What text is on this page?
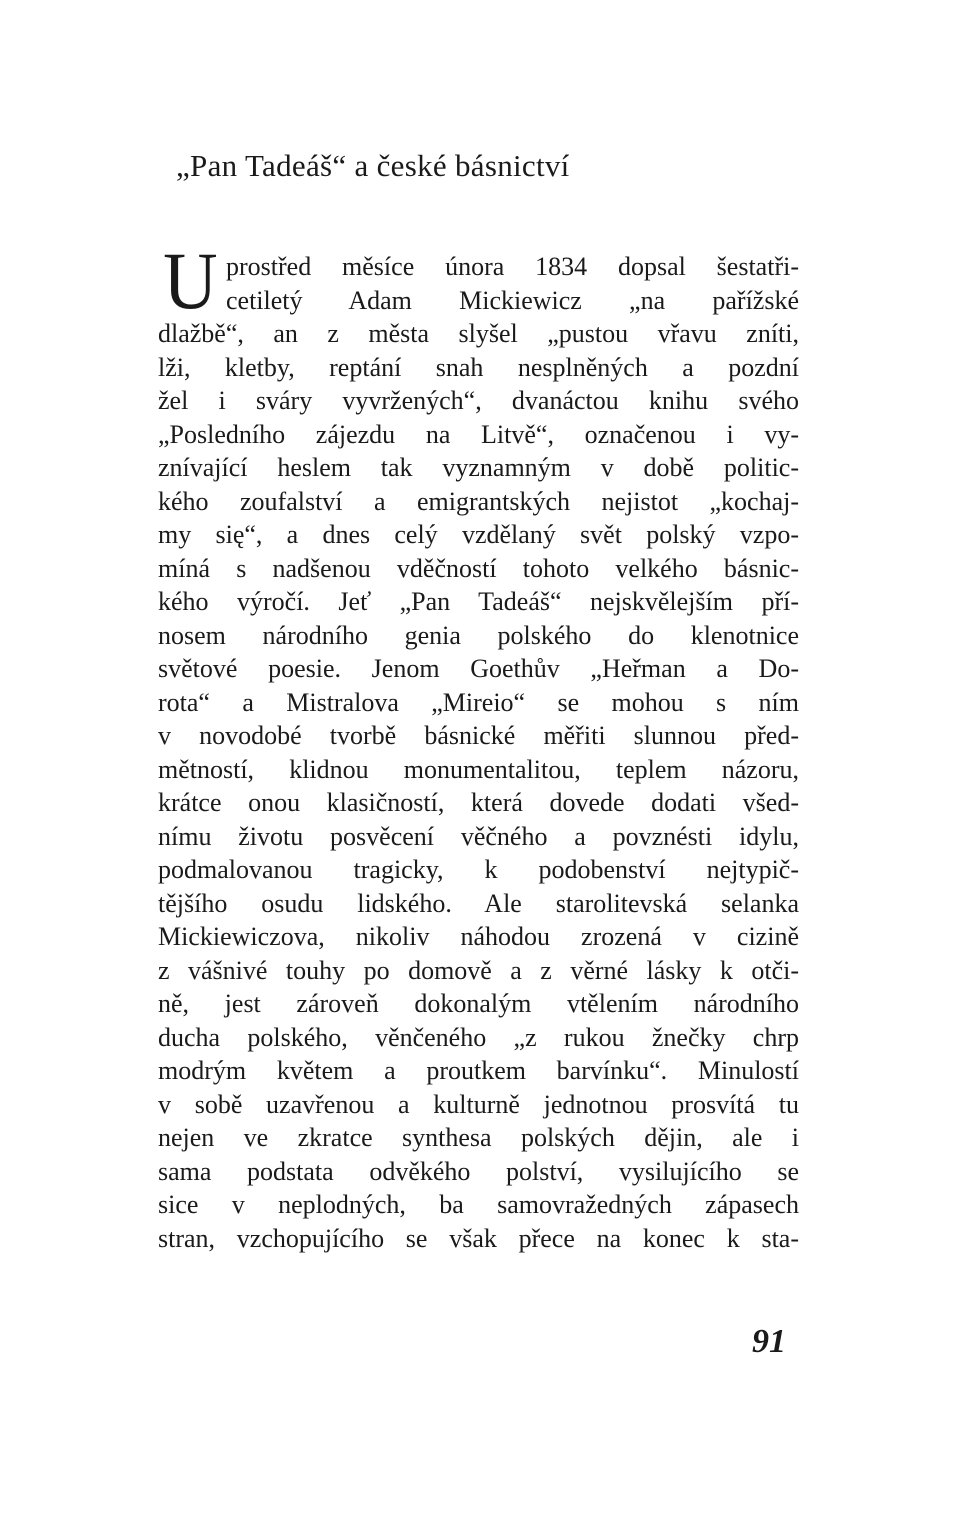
„Pan Tadeáš“ a české básnictví
U prostřed měsíce února 1834 dopsal šestatři-
cetiletý Adam Mickiewicz „na pařížské
dlažbě“, an z města slyšel „pustou vřavu zníti,
lži, kletby, reptání snah nesplněných a pozdní
žel i sváry vyvržených“, dvanáctou knihu svého
„Posledního zájezdu na Litvě“, označenou i vy-
znívající heslem tak vyznamným v době politic-
kého zoufalství a emigrantských nejistot „kochaj-
my się“, a dnes celý vzdělaný svět polský vzpo-
míná s nadšenou vděčností tohoto velkého básnic-
kého výročí. Jeť „Pan Tadeáš“ nejskvělejším pří-
nosem národního genia polského do klenotnice
světové poesie. Jenom Goethův „Heřman a Do-
rota“ a Mistralova „Mireio“ se mohou s ním
v novodobé tvorbě básnické měřiti slunnou před-
mětností, klidnou monumentalitou, teplem názoru,
krátce onou klasičností, která dovede dodati všed-
nímu životu posvěcení věčného a povznésti idylu,
podmalovanou tragicky, k podobenství nejtypič-
tějšího osudu lidského. Ale starolitevská selanka
Mickiewiczova, nikoliv náhodou zrozená v cizině
z vášnivé touhy po domově a z věrné lásky k otči-
ně, jest zároveň dokonalým vtělením národního
ducha polského, věnčeného „z rukou žnečky chrp
modrým květem a proutkem barvínku“. Minulostí
v sobě uzavřenou a kulturně jednotnou prosvítá tu
nejen ve zkratce synthesa polských dějin, ale i
sama podstata odvěkého polství, vysilujícího se
sice v neplodných, ba samovražedných zápasech
stran, vzchopujícího se však přece na konec k sta-
91
